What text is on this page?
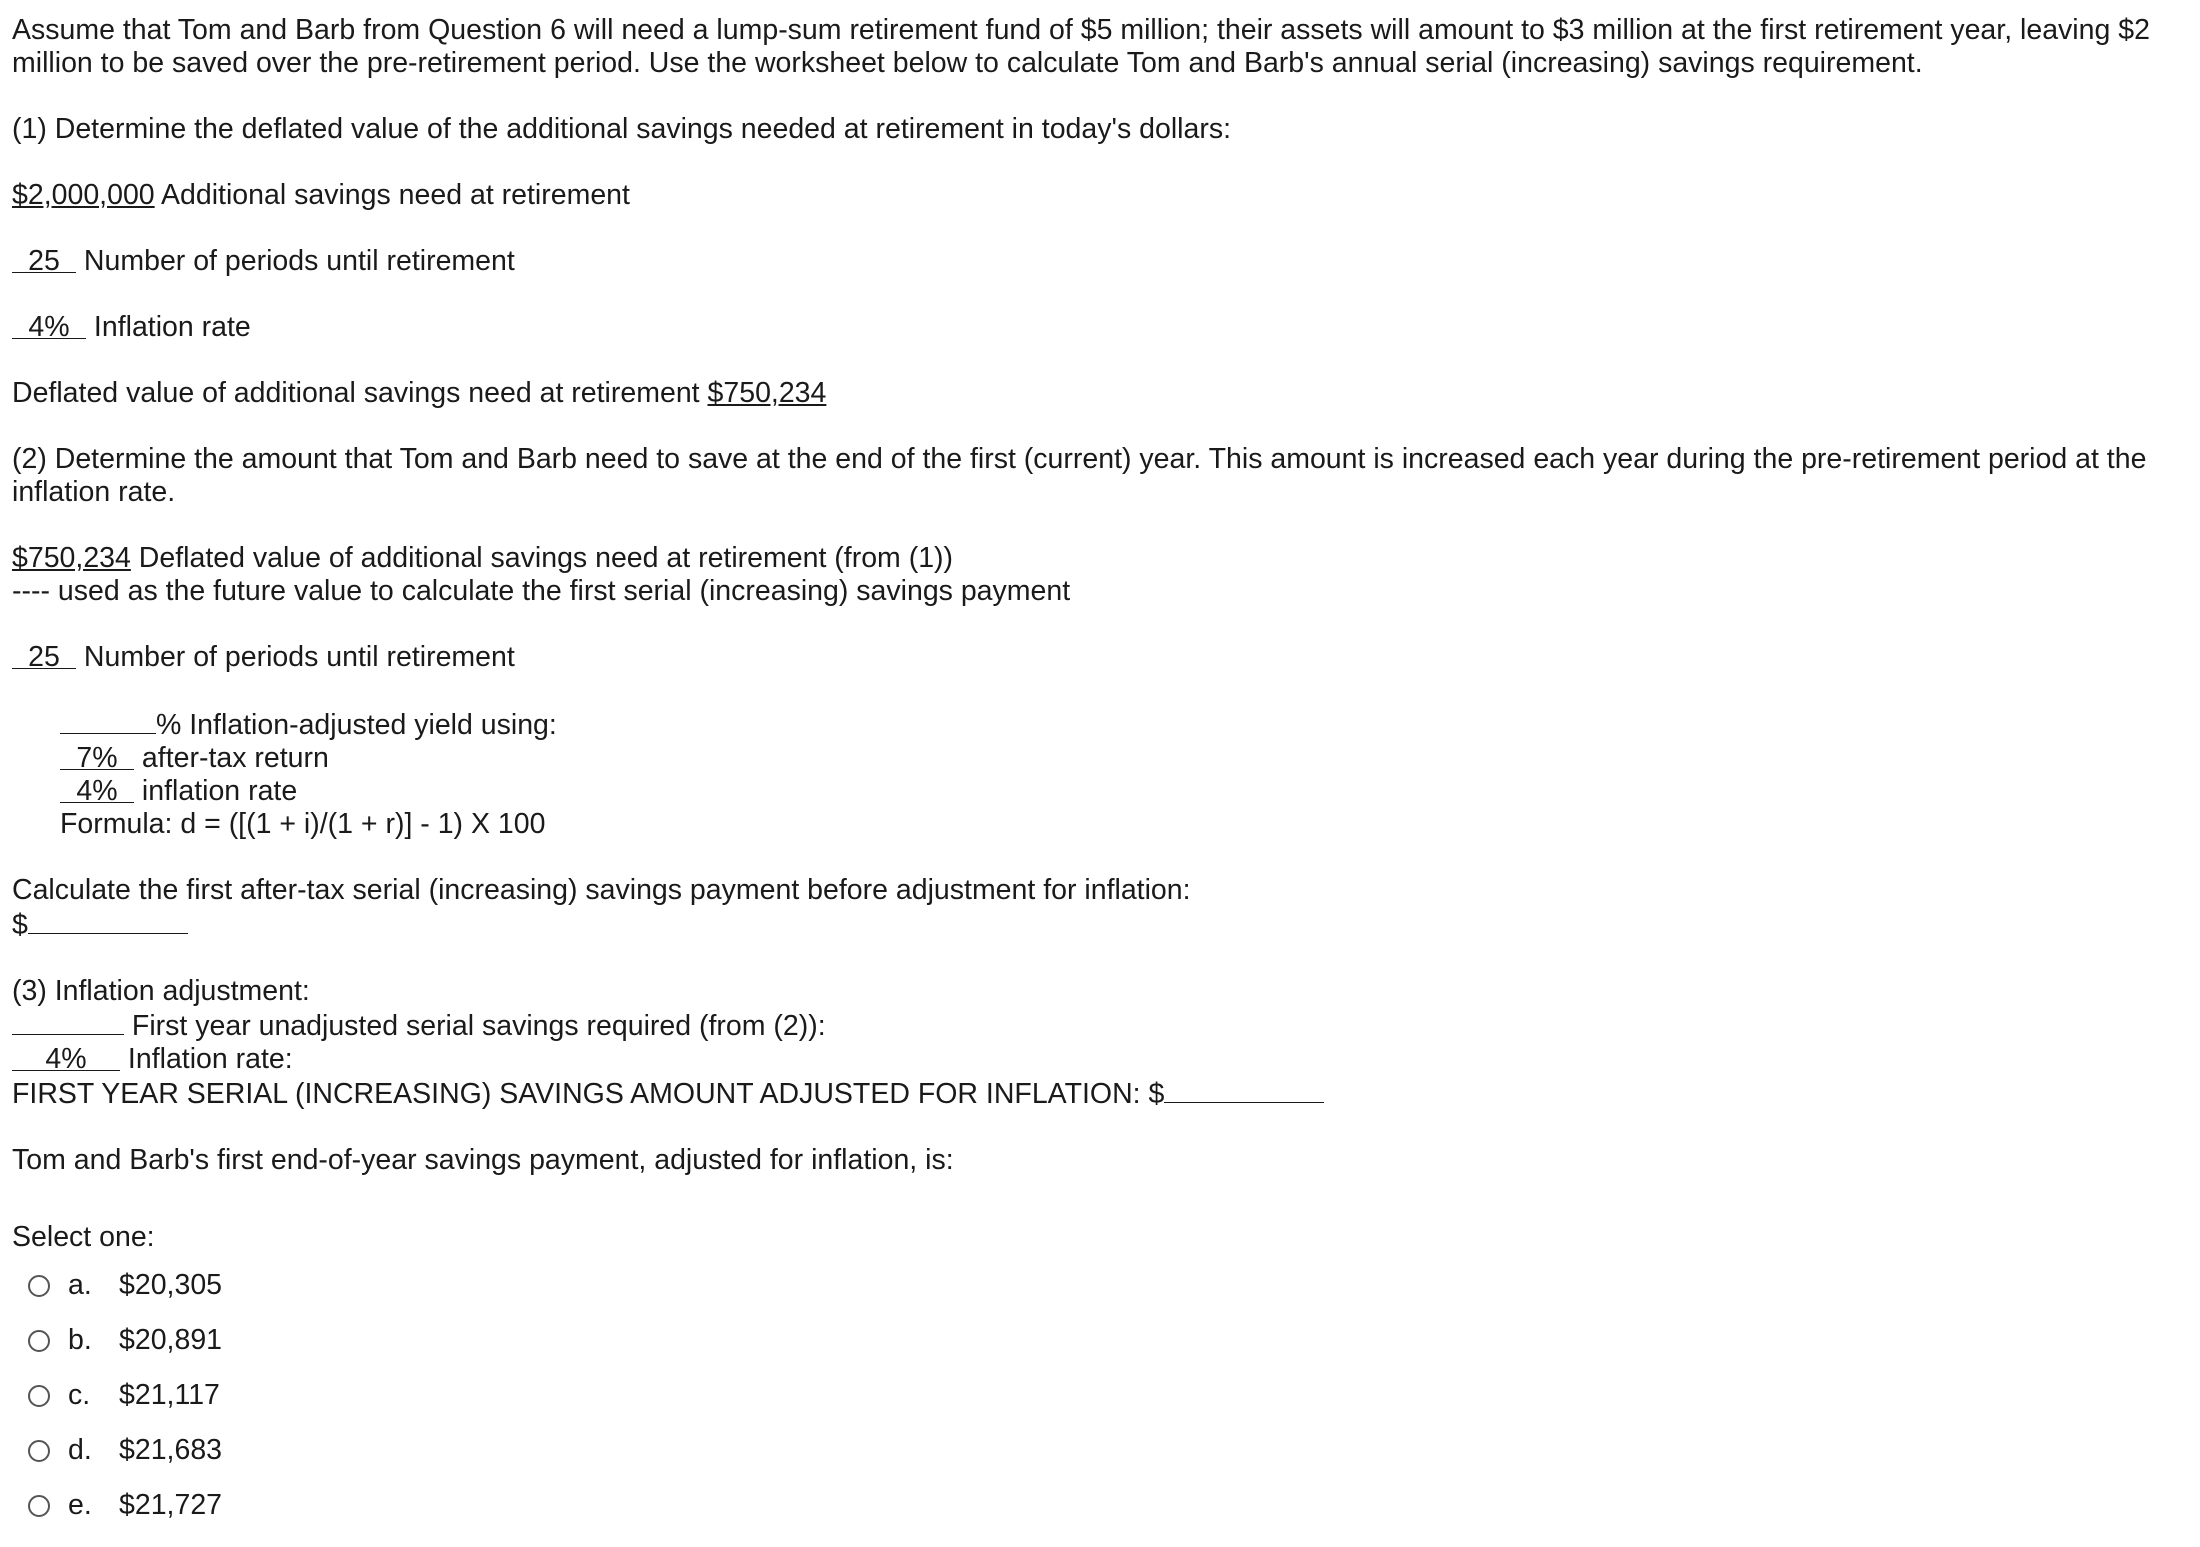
Assume that Tom and Barb from Question 6 will need a lump-sum retirement fund of $5 million; their assets will amount to $3 million at the first retirement year, leaving $2 million to be saved over the pre-retirement period. Use the worksheet below to calculate Tom and Barb's annual serial (increasing) savings requirement.

(1) Determine the deflated value of the additional savings needed at retirement in today's dollars:

$2,000,000 Additional savings need at retirement

25 Number of periods until retirement

4% Inflation rate

Deflated value of additional savings need at retirement $750,234

(2) Determine the amount that Tom and Barb need to save at the end of the first (current) year. This amount is increased each year during the pre-retirement period at the inflation rate.

$750,234 Deflated value of additional savings need at retirement (from (1))

---- used as the future value to calculate the first serial (increasing) savings payment

25 Number of periods until retirement

% Inflation-adjusted yield using:

7% after-tax return

4% inflation rate

Formula: d = ([(1 + i)/(1 + r)] - 1) X 100

Calculate the first after-tax serial (increasing) savings payment before adjustment for inflation:

$

(3) Inflation adjustment:

First year unadjusted serial savings required (from (2)):

4% Inflation rate:

FIRST YEAR SERIAL (INCREASING) SAVINGS AMOUNT ADJUSTED FOR INFLATION: $

Tom and Barb's first end-of-year savings payment, adjusted for inflation, is:

Select one:

a. $20,305
b. $20,891
c.	$21,117
d. $21,683
e. $21,727
